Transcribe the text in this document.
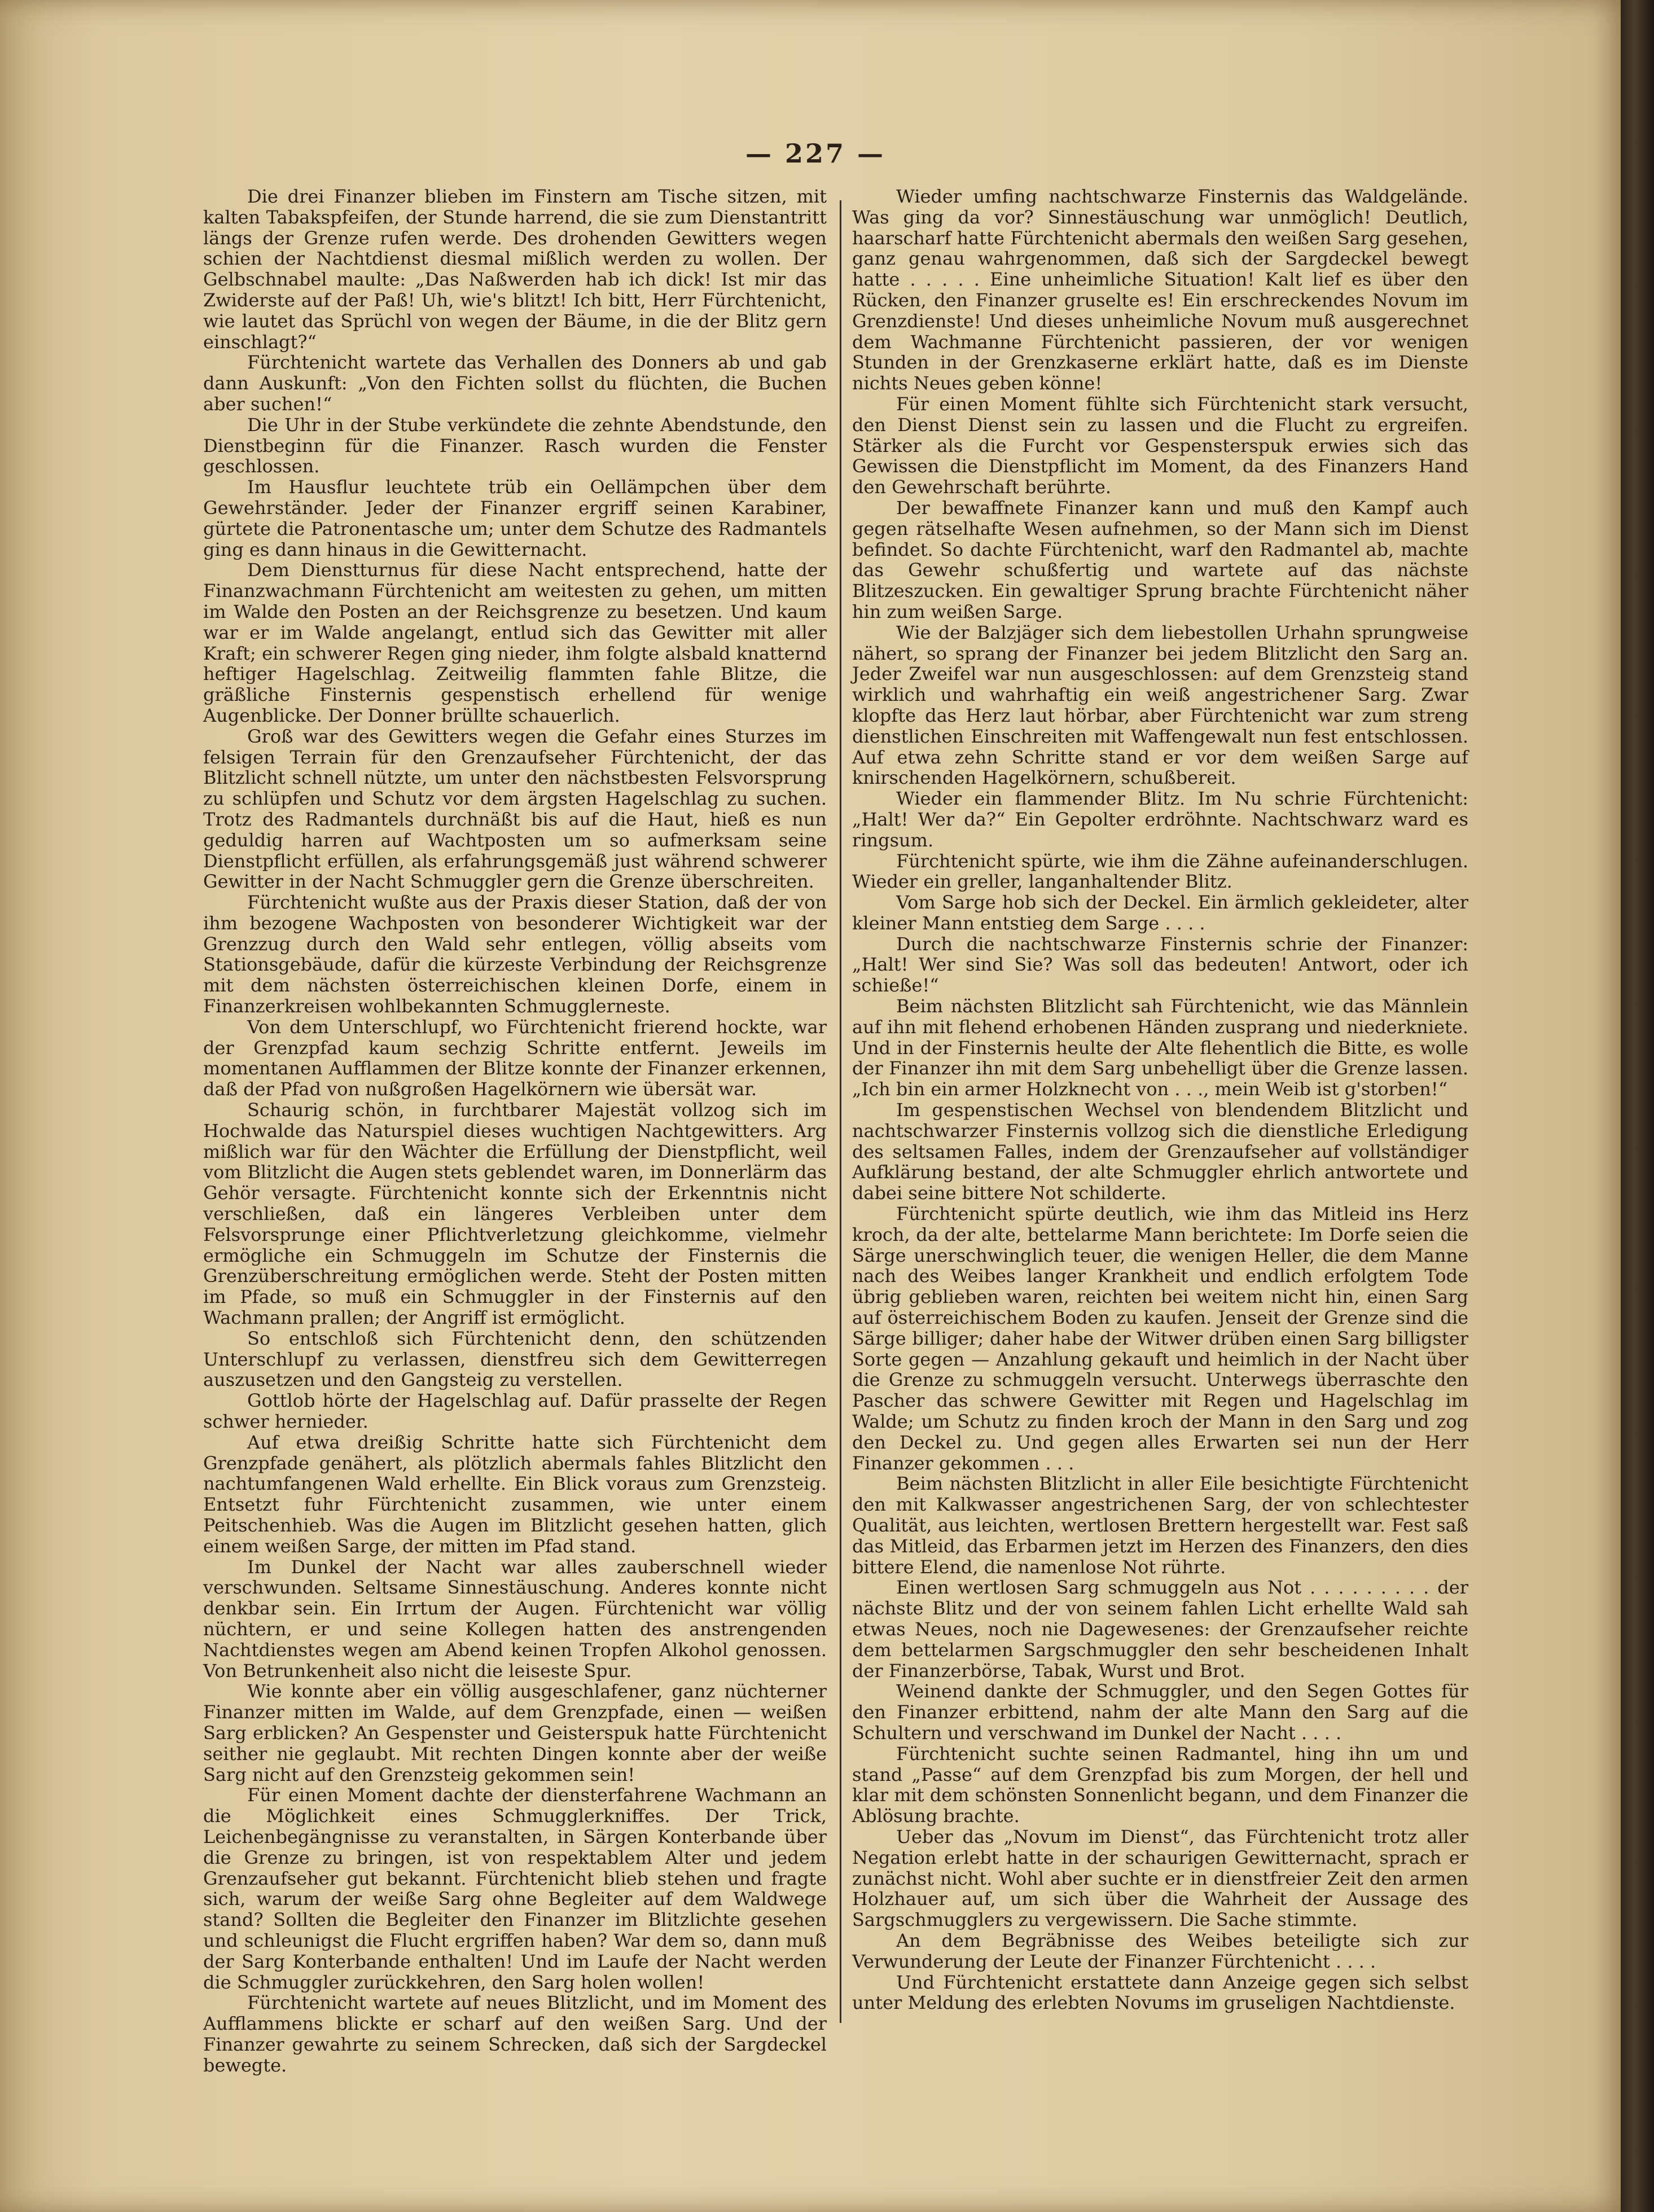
— 227 —

Die drei Finanzer blieben im Finstern am Tische sitzen, mit kalten Tabakspfeifen, der Stunde harrend, die sie zum Dienstantritt längs der Grenze rufen werde. Des drohenden Gewitters wegen schien der Nachtdienst diesmal mißlich werden zu wollen. Der Gelbschnabel maulte: „Das Naßwerden hab ich dick! Ist mir das Zwiderste auf der Paß! Uh, wie's blitzt! Ich bitt, Herr Fürchtenicht, wie lautet das Sprüchl von wegen der Bäume, in die der Blitz gern einschlagt?“

Fürchtenicht wartete das Verhallen des Donners ab und gab dann Auskunft: „Von den Fichten sollst du flüchten, die Buchen aber suchen!“

Die Uhr in der Stube verkündete die zehnte Abendstunde, den Dienstbeginn für die Finanzer. Rasch wurden die Fenster geschlossen.

Im Hausflur leuchtete trüb ein Oellämpchen über dem Gewehrständer. Jeder der Finanzer ergriff seinen Karabiner, gürtete die Patronentasche um; unter dem Schutze des Radmantels ging es dann hinaus in die Gewitternacht.

Dem Dienstturnus für diese Nacht entsprechend, hatte der Finanzwachmann Fürchtenicht am weitesten zu gehen, um mitten im Walde den Posten an der Reichsgrenze zu besetzen. Und kaum war er im Walde angelangt, entlud sich das Gewitter mit aller Kraft; ein schwerer Regen ging nieder, ihm folgte alsbald knatternd heftiger Hagelschlag. Zeitweilig flammten fahle Blitze, die gräßliche Finsternis gespenstisch erhellend für wenige Augenblicke. Der Donner brüllte schauerlich.

Groß war des Gewitters wegen die Gefahr eines Sturzes im felsigen Terrain für den Grenzaufseher Fürchtenicht, der das Blitzlicht schnell nützte, um unter den nächstbesten Felsvorsprung zu schlüpfen und Schutz vor dem ärgsten Hagelschlag zu suchen. Trotz des Radmantels durchnäßt bis auf die Haut, hieß es nun geduldig harren auf Wachtposten um so aufmerksam seine Dienstpflicht erfüllen, als erfahrungsgemäß just während schwerer Gewitter in der Nacht Schmuggler gern die Grenze überschreiten.

Fürchtenicht wußte aus der Praxis dieser Station, daß der von ihm bezogene Wachposten von besonderer Wichtigkeit war der Grenzzug durch den Wald sehr entlegen, völlig abseits vom Stationsgebäude, dafür die kürzeste Verbindung der Reichsgrenze mit dem nächsten österreichischen kleinen Dorfe, einem in Finanzerkreisen wohlbekannten Schmugglerneste.

Von dem Unterschlupf, wo Fürchtenicht frierend hockte, war der Grenzpfad kaum sechzig Schritte entfernt. Jeweils im momentanen Aufflammen der Blitze konnte der Finanzer erkennen, daß der Pfad von nußgroßen Hagelkörnern wie übersät war.

Schaurig schön, in furchtbarer Majestät vollzog sich im Hochwalde das Naturspiel dieses wuchtigen Nachtgewitters. Arg mißlich war für den Wächter die Erfüllung der Dienstpflicht, weil vom Blitzlicht die Augen stets geblendet waren, im Donnerlärm das Gehör versagte. Fürchtenicht konnte sich der Erkenntnis nicht verschließen, daß ein längeres Verbleiben unter dem Felsvorsprunge einer Pflichtverletzung gleichkomme, vielmehr ermögliche ein Schmuggeln im Schutze der Finsternis die Grenzüberschreitung ermöglichen werde. Steht der Posten mitten im Pfade, so muß ein Schmuggler in der Finsternis auf den Wachmann prallen; der Angriff ist ermöglicht.

So entschloß sich Fürchtenicht denn, den schützenden Unterschlupf zu verlassen, dienstfreu sich dem Gewitterregen auszusetzen und den Gangsteig zu verstellen.

Gottlob hörte der Hagelschlag auf. Dafür prasselte der Regen schwer hernieder.

Auf etwa dreißig Schritte hatte sich Fürchtenicht dem Grenzpfade genähert, als plötzlich abermals fahles Blitzlicht den nachtumfangenen Wald erhellte. Ein Blick voraus zum Grenzsteig. Entsetzt fuhr Fürchtenicht zusammen, wie unter einem Peitschenhieb. Was die Augen im Blitzlicht gesehen hatten, glich einem weißen Sarge, der mitten im Pfad stand.

Im Dunkel der Nacht war alles zauberschnell wieder verschwunden. Seltsame Sinnestäuschung. Anderes konnte nicht denkbar sein. Ein Irrtum der Augen. Fürchtenicht war völlig nüchtern, er und seine Kollegen hatten des anstrengenden Nachtdienstes wegen am Abend keinen Tropfen Alkohol genossen. Von Betrunkenheit also nicht die leiseste Spur.

Wie konnte aber ein völlig ausgeschlafener, ganz nüchterner Finanzer mitten im Walde, auf dem Grenzpfade, einen — weißen Sarg erblicken? An Gespenster und Geisterspuk hatte Fürchtenicht seither nie geglaubt. Mit rechten Dingen konnte aber der weiße Sarg nicht auf den Grenzsteig gekommen sein!

Für einen Moment dachte der diensterfahrene Wachmann an die Möglichkeit eines Schmugglerkniffes. Der Trick, Leichenbegängnisse zu veranstalten, in Särgen Konterbande über die Grenze zu bringen, ist von respektablem Alter und jedem Grenzaufseher gut bekannt. Fürchtenicht blieb stehen und fragte sich, warum der weiße Sarg ohne Begleiter auf dem Waldwege stand? Sollten die Begleiter den Finanzer im Blitzlichte gesehen und schleunigst die Flucht ergriffen haben? War dem so, dann muß der Sarg Konterbande enthalten! Und im Laufe der Nacht werden die Schmuggler zurückkehren, den Sarg holen wollen!

Fürchtenicht wartete auf neues Blitzlicht, und im Moment des Aufflammens blickte er scharf auf den weißen Sarg. Und der Finanzer gewahrte zu seinem Schrecken, daß sich der Sargdeckel bewegte.

Wieder umfing nachtschwarze Finsternis das Waldgelände. Was ging da vor? Sinnestäuschung war unmöglich! Deutlich, haarscharf hatte Fürchtenicht abermals den weißen Sarg gesehen, ganz genau wahrgenommen, daß sich der Sargdeckel bewegt hatte . . . . . Eine unheimliche Situation! Kalt lief es über den Rücken, den Finanzer gruselte es! Ein erschreckendes Novum im Grenzdienste! Und dieses unheimliche Novum muß ausgerechnet dem Wachmanne Fürchtenicht passieren, der vor wenigen Stunden in der Grenzkaserne erklärt hatte, daß es im Dienste nichts Neues geben könne!

Für einen Moment fühlte sich Fürchtenicht stark versucht, den Dienst Dienst sein zu lassen und die Flucht zu ergreifen. Stärker als die Furcht vor Gespensterspuk erwies sich das Gewissen die Dienstpflicht im Moment, da des Finanzers Hand den Gewehrschaft berührte.

Der bewaffnete Finanzer kann und muß den Kampf auch gegen rätselhafte Wesen aufnehmen, so der Mann sich im Dienst befindet. So dachte Fürchtenicht, warf den Radmantel ab, machte das Gewehr schußfertig und wartete auf das nächste Blitzeszucken. Ein gewaltiger Sprung brachte Fürchtenicht näher hin zum weißen Sarge.

Wie der Balzjäger sich dem liebestollen Urhahn sprungweise nähert, so sprang der Finanzer bei jedem Blitzlicht den Sarg an. Jeder Zweifel war nun ausgeschlossen: auf dem Grenzsteig stand wirklich und wahrhaftig ein weiß angestrichener Sarg. Zwar klopfte das Herz laut hörbar, aber Fürchtenicht war zum streng dienstlichen Einschreiten mit Waffengewalt nun fest entschlossen. Auf etwa zehn Schritte stand er vor dem weißen Sarge auf knirschenden Hagelkörnern, schußbereit.

Wieder ein flammender Blitz. Im Nu schrie Fürchtenicht: „Halt! Wer da?“ Ein Gepolter erdröhnte. Nachtschwarz ward es ringsum.

Fürchtenicht spürte, wie ihm die Zähne aufeinanderschlugen. Wieder ein greller, langanhaltender Blitz.

Vom Sarge hob sich der Deckel. Ein ärmlich gekleideter, alter kleiner Mann entstieg dem Sarge . . . .

Durch die nachtschwarze Finsternis schrie der Finanzer: „Halt! Wer sind Sie? Was soll das bedeuten! Antwort, oder ich schieße!“

Beim nächsten Blitzlicht sah Fürchtenicht, wie das Männlein auf ihn mit flehend erhobenen Händen zusprang und niederkniete. Und in der Finsternis heulte der Alte flehentlich die Bitte, es wolle der Finanzer ihn mit dem Sarg unbehelligt über die Grenze lassen. „Ich bin ein armer Holzknecht von . . ., mein Weib ist g'storben!“

Im gespenstischen Wechsel von blendendem Blitzlicht und nachtschwarzer Finsternis vollzog sich die dienstliche Erledigung des seltsamen Falles, indem der Grenzaufseher auf vollständiger Aufklärung bestand, der alte Schmuggler ehrlich antwortete und dabei seine bittere Not schilderte.

Fürchtenicht spürte deutlich, wie ihm das Mitleid ins Herz kroch, da der alte, bettelarme Mann berichtete: Im Dorfe seien die Särge unerschwinglich teuer, die wenigen Heller, die dem Manne nach des Weibes langer Krankheit und endlich erfolgtem Tode übrig geblieben waren, reichten bei weitem nicht hin, einen Sarg auf österreichischem Boden zu kaufen. Jenseit der Grenze sind die Särge billiger; daher habe der Witwer drüben einen Sarg billigster Sorte gegen — Anzahlung gekauft und heimlich in der Nacht über die Grenze zu schmuggeln versucht. Unterwegs überraschte den Pascher das schwere Gewitter mit Regen und Hagelschlag im Walde; um Schutz zu finden kroch der Mann in den Sarg und zog den Deckel zu. Und gegen alles Erwarten sei nun der Herr Finanzer gekommen . . .

Beim nächsten Blitzlicht in aller Eile besichtigte Fürchtenicht den mit Kalkwasser angestrichenen Sarg, der von schlechtester Qualität, aus leichten, wertlosen Brettern hergestellt war. Fest saß das Mitleid, das Erbarmen jetzt im Herzen des Finanzers, den dies bittere Elend, die namenlose Not rührte.

Einen wertlosen Sarg schmuggeln aus Not . . . . . . . . . der nächste Blitz und der von seinem fahlen Licht erhellte Wald sah etwas Neues, noch nie Dagewesenes: der Grenzaufseher reichte dem bettelarmen Sargschmuggler den sehr bescheidenen Inhalt der Finanzerbörse, Tabak, Wurst und Brot.

Weinend dankte der Schmuggler, und den Segen Gottes für den Finanzer erbittend, nahm der alte Mann den Sarg auf die Schultern und verschwand im Dunkel der Nacht . . . .

Fürchtenicht suchte seinen Radmantel, hing ihn um und stand „Passe“ auf dem Grenzpfad bis zum Morgen, der hell und klar mit dem schönsten Sonnenlicht begann, und dem Finanzer die Ablösung brachte.

Ueber das „Novum im Dienst“, das Fürchtenicht trotz aller Negation erlebt hatte in der schaurigen Gewitternacht, sprach er zunächst nicht. Wohl aber suchte er in dienstfreier Zeit den armen Holzhauer auf, um sich über die Wahrheit der Aussage des Sargschmugglers zu vergewissern. Die Sache stimmte.

An dem Begräbnisse des Weibes beteiligte sich zur Verwunderung der Leute der Finanzer Fürchtenicht . . . .

Und Fürchtenicht erstattete dann Anzeige gegen sich selbst unter Meldung des erlebten Novums im gruseligen Nachtdienste.
